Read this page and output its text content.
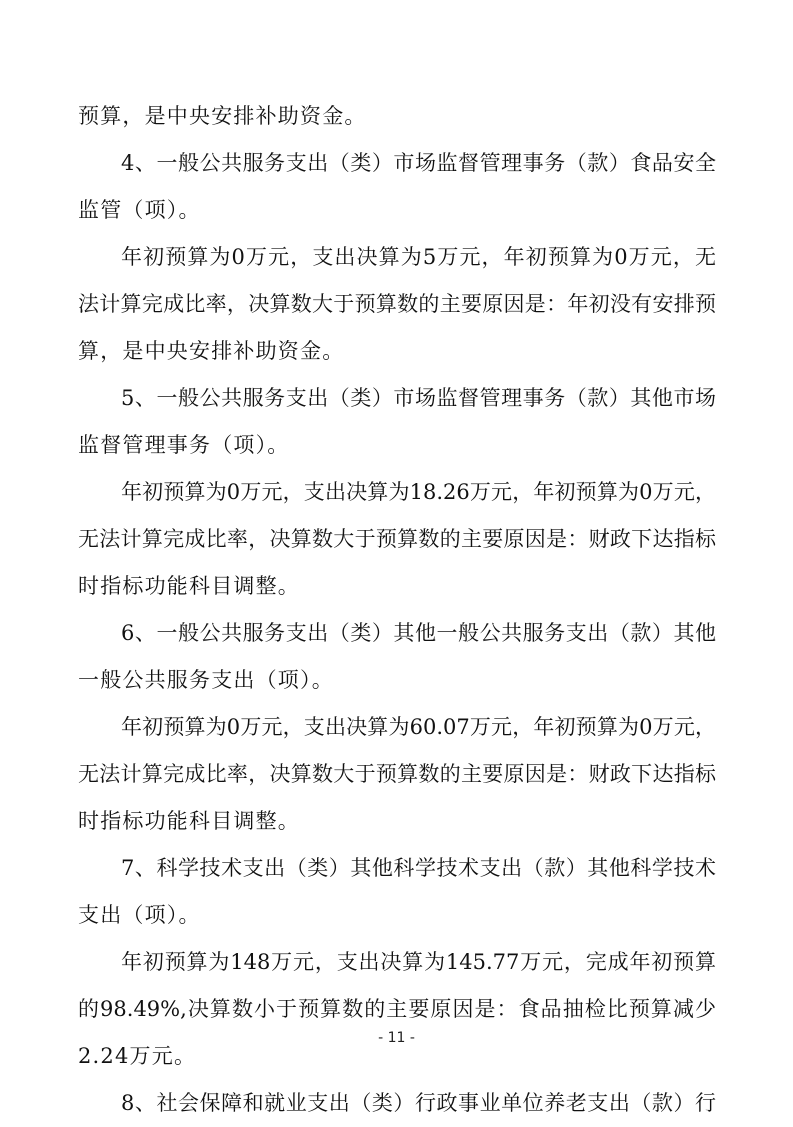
预算，是中央安排补助资金。
4、一般公共服务支出（类）市场监督管理事务（款）食品安全
监管（项）。
年初预算为0万元，支出决算为5万元，年初预算为0万元，无
法计算完成比率，决算数大于预算数的主要原因是：年初没有安排预
算，是中央安排补助资金。
5、一般公共服务支出（类）市场监督管理事务（款）其他市场
监督管理事务（项）。
年初预算为0万元，支出决算为18.26万元，年初预算为0万元，
无法计算完成比率，决算数大于预算数的主要原因是：财政下达指标
时指标功能科目调整。
6、一般公共服务支出（类）其他一般公共服务支出（款）其他
一般公共服务支出（项）。
年初预算为0万元，支出决算为60.07万元，年初预算为0万元，
无法计算完成比率，决算数大于预算数的主要原因是：财政下达指标
时指标功能科目调整。
7、科学技术支出（类）其他科学技术支出（款）其他科学技术
支出（项）。
年初预算为148万元，支出决算为145.77万元，完成年初预算
的98.49%,决算数小于预算数的主要原因是：食品抽检比预算减少
2.24万元。
8、社会保障和就业支出（类）行政事业单位养老支出（款）行
- 11 -
